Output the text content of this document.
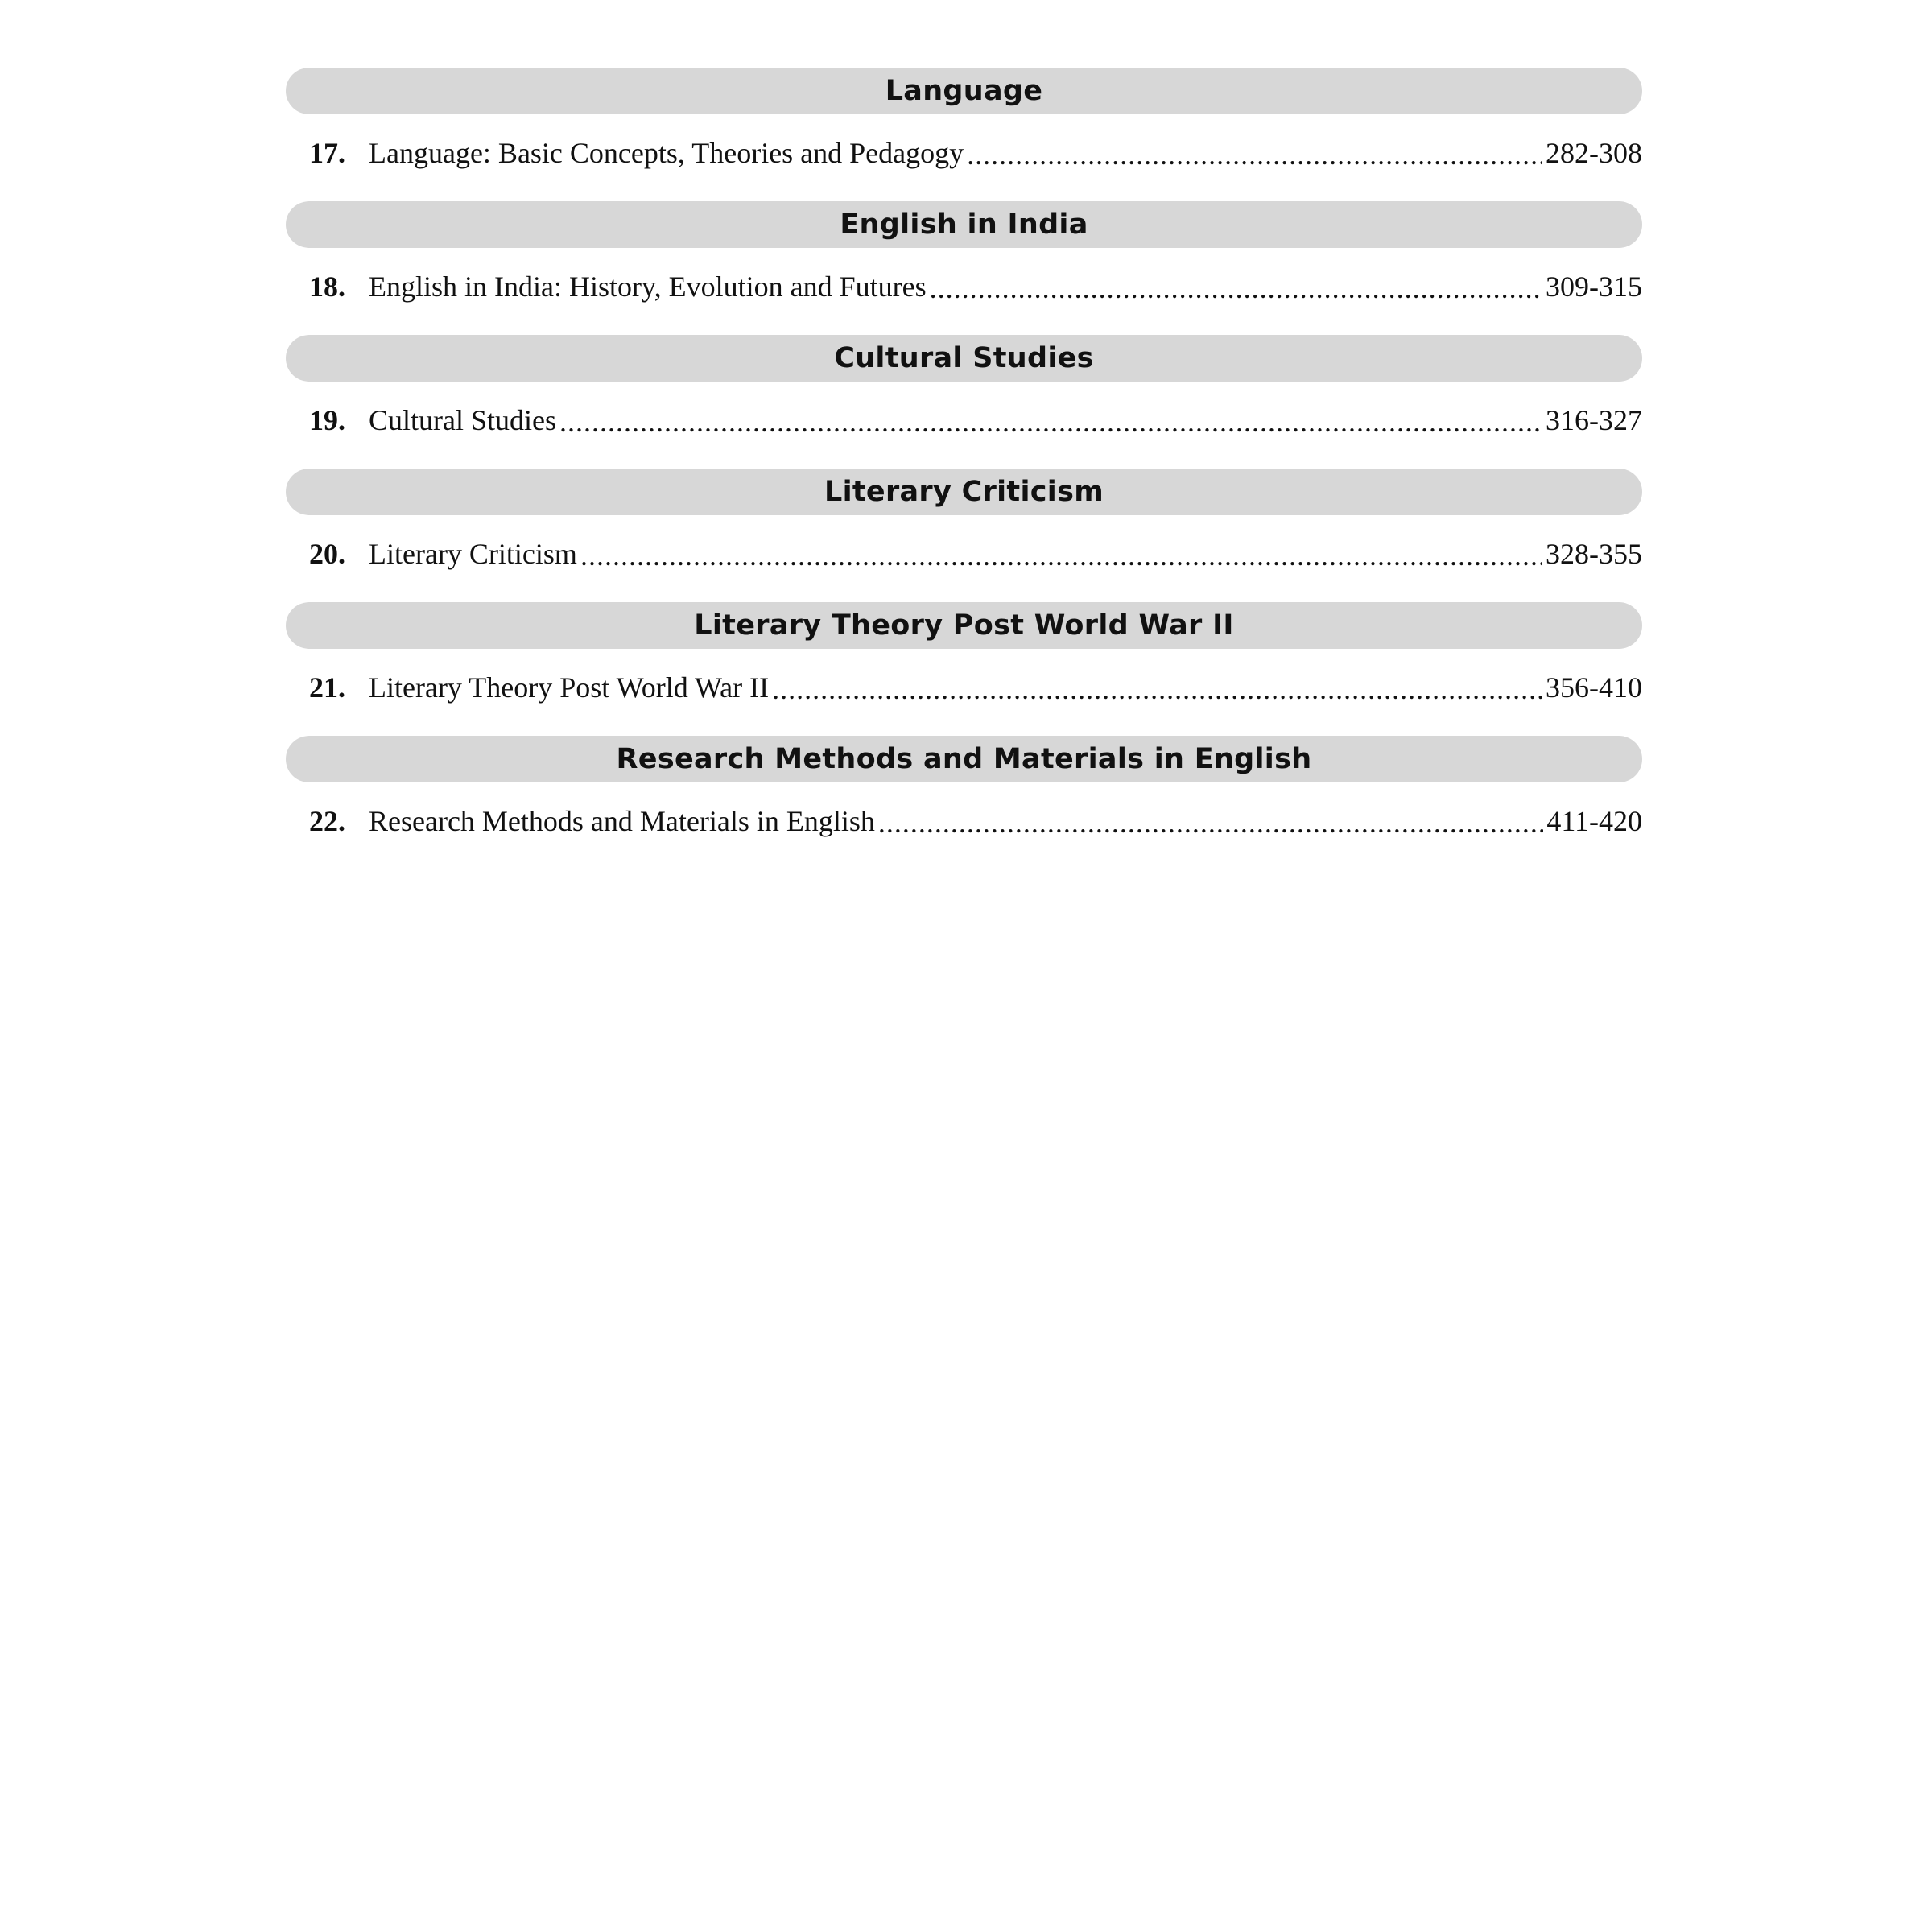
Language
17. Language: Basic Concepts, Theories and Pedagogy .....	282-308
English in India
18. English in India: History, Evolution and Futures .....	309-315
Cultural Studies
19. Cultural Studies .....	316-327
Literary Criticism
20. Literary Criticism .....	328-355
Literary Theory Post World War II
21. Literary Theory Post World War II .....	356-410
Research Methods and Materials in English
22. Research Methods and Materials in English .....	411-420
